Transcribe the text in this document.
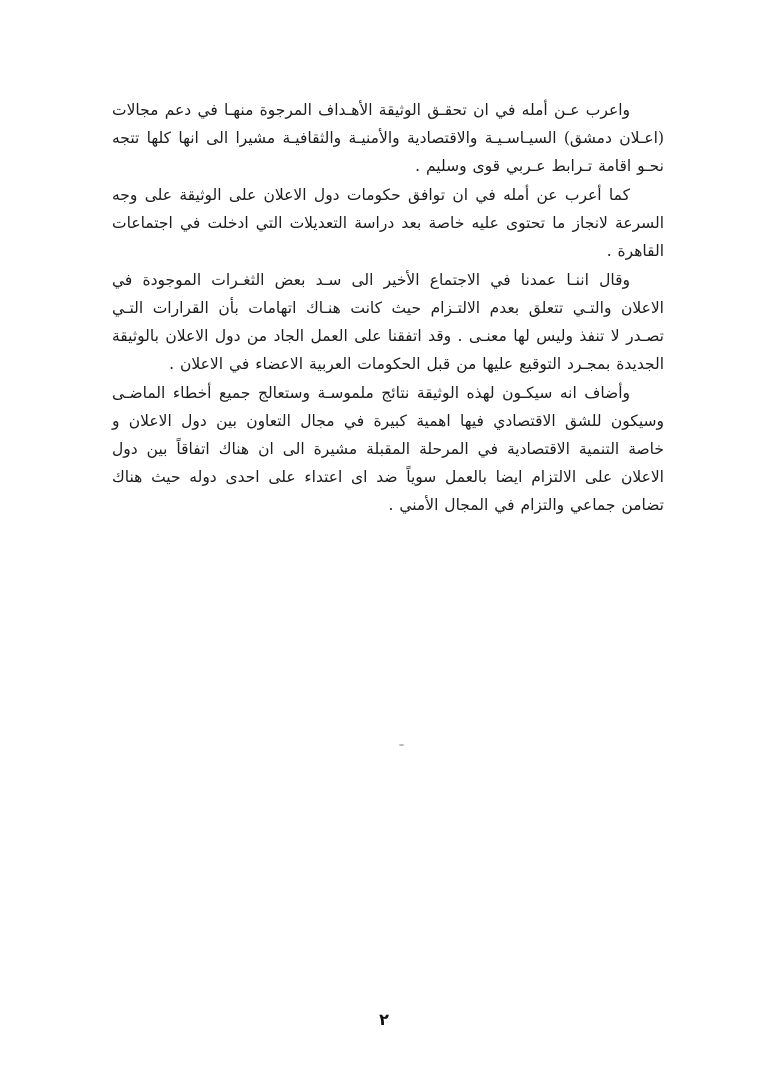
واعرب عـن أمله في ان تحقـق الوثيقة الأهـداف المرجوة منهـا في دعم مجالات (اعـلان دمشق) السيـاسـيـة والاقتصادية والأمنيـة والثقافيـة مشيرا الى انها كلها تتجه نحـو اقامة تـرابط عـربي قوى وسليم .

كما أعرب عن أمله في ان توافق حكومات دول الاعلان على الوثيقة على وجه السرعة لانجاز ما تحتوى عليه خاصة بعد دراسة التعديلات التي ادخلت في اجتماعات القاهرة .

وقال اننـا عمدنا في الاجتماع الأخير الى سـد بعض الثغـرات الموجودة في الاعلان والتـي تتعلق بعدم الالتـزام حيث كانت هنـاك اتهامات بأن القرارات التـي تصـدر لا تنفذ وليس لها معنـى . وقد اتفقنا على العمل الجاد من دول الاعلان بالوثيقة الجديدة بمجـرد التوقيع عليها من قبل الحكومات العربية الاعضاء في الاعلان .

وأضاف انه سيكـون لهذه الوثيقة نتائج ملموسـة وستعالج جميع أخطاء الماضـى وسيكون للشق الاقتصادي فيها اهمية كبيرة في مجال التعاون بين دول الاعلان و خاصة التنمية الاقتصادية في المرحلة المقبلة مشيرة الى ان هناك اتفاقاً بين دول الاعلان على الالتزام ايضا بالعمل سوياً ضد اى اعتداء على احدى دوله حيث هناك تضامن جماعي والتزام في المجال الأمني .

٢
